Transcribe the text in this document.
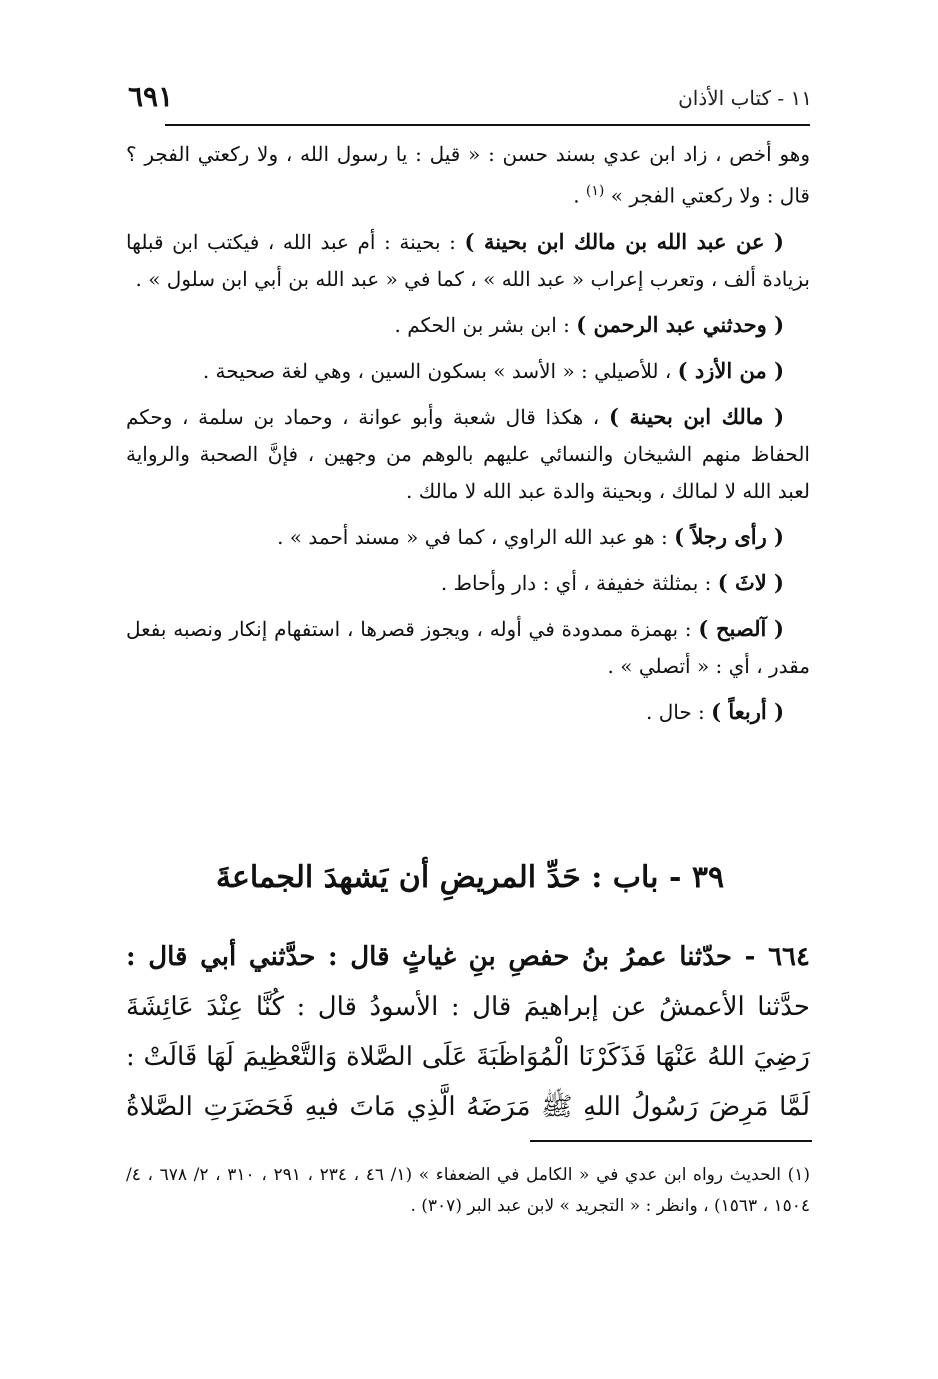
١١ - كتاب الأذان
٦٩١

وهو أخص ، زاد ابن عدي بسند حسن : « قيل : يا رسول الله ، ولا ركعتي الفجر ؟ قال : ولا ركعتي الفجر » $^{(١)}$ .

( عن عبد الله بن مالك ابن بحينة ) : بحينة : أم عبد الله ، فيكتب ابن قبلها بزيادة ألف ، وتعرب إعراب « عبد الله » ، كما في « عبد الله بن أبي ابن سلول » .

( وحدثني عبد الرحمن ) : ابن بشر بن الحكم .

( من الأزد ) ، للأصيلي : « الأسد » بسكون السين ، وهي لغة صحيحة .

( مالك ابن بحينة ) ، هكذا قال شعبة وأبو عوانة ، وحماد بن سلمة ، وحكم الحفاظ منهم الشيخان والنسائي عليهم بالوهم من وجهين ، فإنَّ الصحبة والرواية لعبد الله لا لمالك ، وبحينة والدة عبد الله لا مالك .

( رأى رجلاً ) : هو عبد الله الراوي ، كما في « مسند أحمد » .

( لاثَ ) : بمثلثة خفيفة ، أي : دار وأحاط .

( آلصبح ) : بهمزة ممدودة في أوله ، ويجوز قصرها ، استفهام إنكار ونصبه بفعل مقدر ، أي : « أتصلي » .

( أربعاً ) : حال .

٣٩ - باب : حَدِّ المريضِ أن يَشهدَ الجماعةَ

٦٦٤ - حدّثنا عمرُ بنُ حفصِ بنِ غياثٍ قال : حدَّثني أبي قال :

حدَّثنا الأعمشُ عن إبراهيمَ قال : الأسودُ قال : كُنَّا عِنْدَ عَائِشَةَ

رَضِيَ اللهُ عَنْهَا فَذَكَرْنَا الْمُوَاظَبَةَ عَلَى الصَّلاة وَالتَّعْظِيمَ لَهَا قَالَتْ :

لَمَّا مَرِضَ رَسُولُ اللهِ ﷺ مَرَضَهُ الَّذِي مَاتَ فيهِ فَحَضَرَتِ الصَّلاةُ

(١) الحديث رواه ابن عدي في « الكامل في الضعفاء » (١/ ٤٦ ، ٢٣٤ ، ٢٩١ ، ٣١٠ ، ٢/ ٦٧٨ ، ٤/ ١٥٠٤ ، ١٥٦٣) ، وانظر : « التجريد » لابن عبد البر (٣٠٧) .
